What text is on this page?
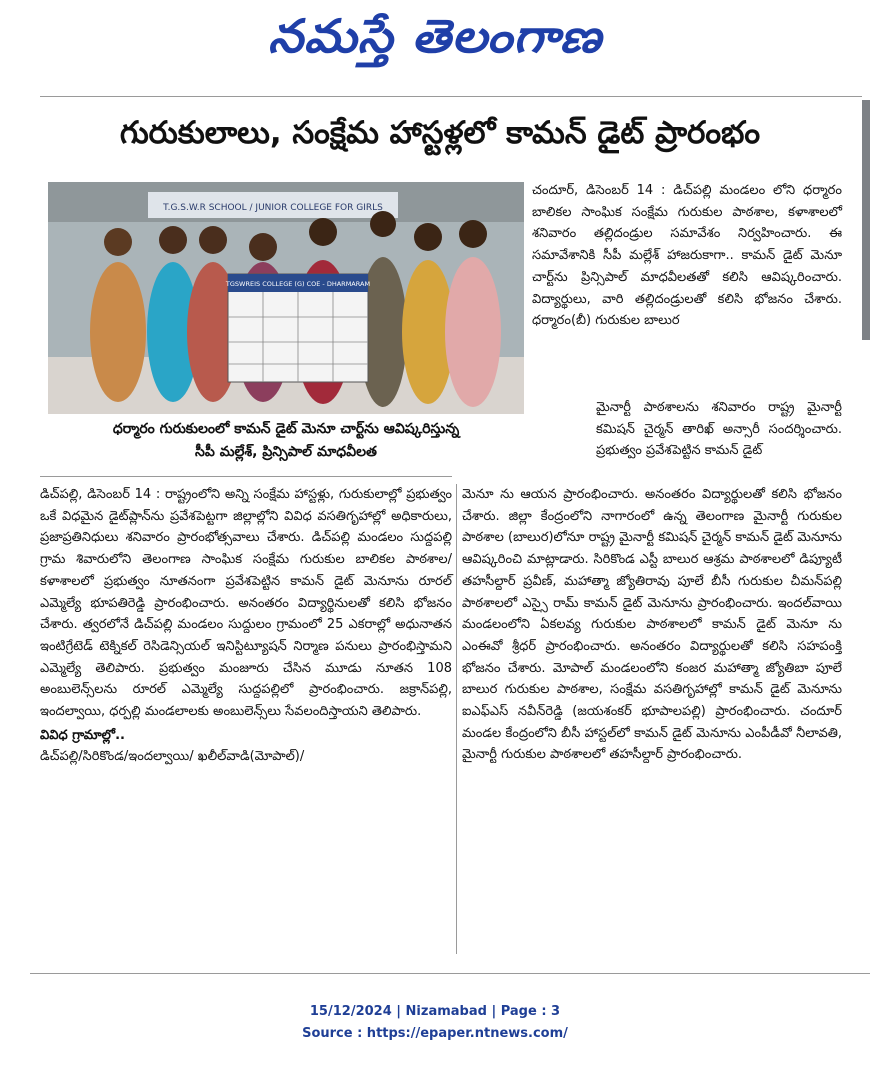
నమస్తే తెలంగాణ
గురుకులాలు, సంక్షేమ హాస్టళ్లలో కామన్ డైట్ ప్రారంభం
T.G.S.W.R SCHOOL / JUNIOR COLLEGE FOR GIRLS
TGSWREIS COLLEGE (G) COE - DHARMARAM
ధర్మారం గురుకులంలో కామన్ డైట్ మెనూ చార్ట్‌ను ఆవిష్కరిస్తున్న
సీపీ మల్లేశ్, ప్రిన్సిపాల్ మాధవీలత

చందూర్, డిసెంబర్ 14 : డిచ్‌పల్లి మండలం లోని ధర్మారం బాలికల సాంఘిక సంక్షేమ గురుకుల పాఠశాల, కళాశాలలో శనివారం తల్లిదండ్రుల సమావేశం నిర్వహించారు. ఈ సమావేశానికి సీపీ మల్లేశ్ హాజరుకాగా.. కామన్ డైట్ మెనూ చార్ట్‌ను ప్రిన్సిపాల్ మాధవీలతతో కలిసి ఆవిష్కరించారు. విద్యార్థులు, వారి తల్లిదండ్రులతో కలిసి భోజనం చేశారు. ధర్మారం(బీ) గురుకుల బాలుర

మైనార్టీ పాఠశాలను శనివారం రాష్ట్ర మైనార్టీ కమిషన్ చైర్మన్ తారిఖ్ అన్సారీ సందర్శించారు. ప్రభుత్వం ప్రవేశపెట్టిన కామన్ డైట్

డిచ్‌పల్లి, డిసెంబర్ 14 : రాష్ట్రంలోని అన్ని సంక్షేమ హాస్టళ్లు, గురుకులాల్లో ప్రభుత్వం ఒకే విధమైన డైట్‌ప్లాన్‌ను ప్రవేశపెట్టగా జిల్లాల్లోని వివిధ వసతిగృహాల్లో అధికారులు, ప్రజాప్రతినిధులు శనివారం ప్రారంభోత్సవాలు చేశారు. డిచ్‌పల్లి మండలం సుద్దపల్లి గ్రామ శివారులోని తెలంగాణ సాంఘిక సంక్షేమ గురుకుల బాలికల పాఠశాల/ కళాశాలలో ప్రభుత్వం నూతనంగా ప్రవేశపెట్టిన కామన్ డైట్ మెనూను రూరల్ ఎమ్మెల్యే భూపతిరెడ్డి ప్రారంభించారు. అనంతరం విద్యార్థినులతో కలిసి భోజనం చేశారు. త్వరలోనే డిచ్‌పల్లి మండలం సుద్దులం గ్రామంలో 25 ఎకరాల్లో అధునాతన ఇంటిగ్రేటెడ్ టెక్నికల్ రెసిడెన్సియల్ ఇనిస్టిట్యూషన్ నిర్మాణ పనులు ప్రారంభిస్తామని ఎమ్మెల్యే తెలిపారు. ప్రభుత్వం మంజూరు చేసిన మూడు నూతన 108 అంబులెన్స్‌లను రూరల్ ఎమ్మెల్యే సుద్దపల్లిలో ప్రారంభించారు. జక్రాన్‌పల్లి, ఇందల్వాయి, ధర్పల్లి మండలాలకు అంబులెన్స్‌లు సేవలందిస్తాయని తెలిపారు.

వివిధ గ్రామాల్లో..

డిచ్‌పల్లి/సిరికొండ/ఇందల్వాయి/ ఖలీల్‌వాడి(మోపాల్)/

మెనూ ను ఆయన ప్రారంభించారు. అనంతరం విద్యార్థులతో కలిసి భోజనం చేశారు. జిల్లా కేంద్రంలోని నాగారంలో ఉన్న తెలంగాణ మైనార్టీ గురుకుల పాఠశాల (బాలుర)లోనూ రాష్ట్ర మైనార్టీ కమిషన్ చైర్మన్ కామన్ డైట్ మెనూను ఆవిష్కరించి మాట్లాడారు. సిరికొండ ఎస్టీ బాలుర ఆశ్రమ పాఠశాలలో డిప్యూటీ తహసీల్దార్ ప్రవీణ్, మహాత్మా జ్యోతిరావు పూలే బీసీ గురుకుల చీమన్‌పల్లి పాఠశాలలో ఎస్సై రామ్ కామన్ డైట్ మెనూను ప్రారంభించారు. ఇందల్‌వాయి మండలంలోని ఏకలవ్య గురుకుల పాఠశాలలో కామన్ డైట్ మెనూ ను ఎంఈవో శ్రీధర్ ప్రారంభించారు. అనంతరం విద్యార్థులతో కలిసి సహపంక్తి భోజనం చేశారు. మోపాల్ మండలంలోని కంజర మహాత్మా జ్యోతిబా పూలే బాలుర గురుకుల పాఠశాల, సంక్షేమ వసతిగృహాల్లో కామన్ డైట్ మెనూను ఐఎఫ్‌ఎస్ నవీన్‌రెడ్డి (జయశంకర్ భూపాలపల్లి) ప్రారంభించారు. చందూర్ మండల కేంద్రంలోని బీసీ హాస్టల్‌లో కామన్ డైట్ మెనూను ఎంపీడీవో నీలావతి, మైనార్టీ గురుకుల పాఠశాలలో తహసీల్దార్ ప్రారంభించారు.

15/12/2024 | Nizamabad | Page : 3
Source : https://epaper.ntnews.com/
